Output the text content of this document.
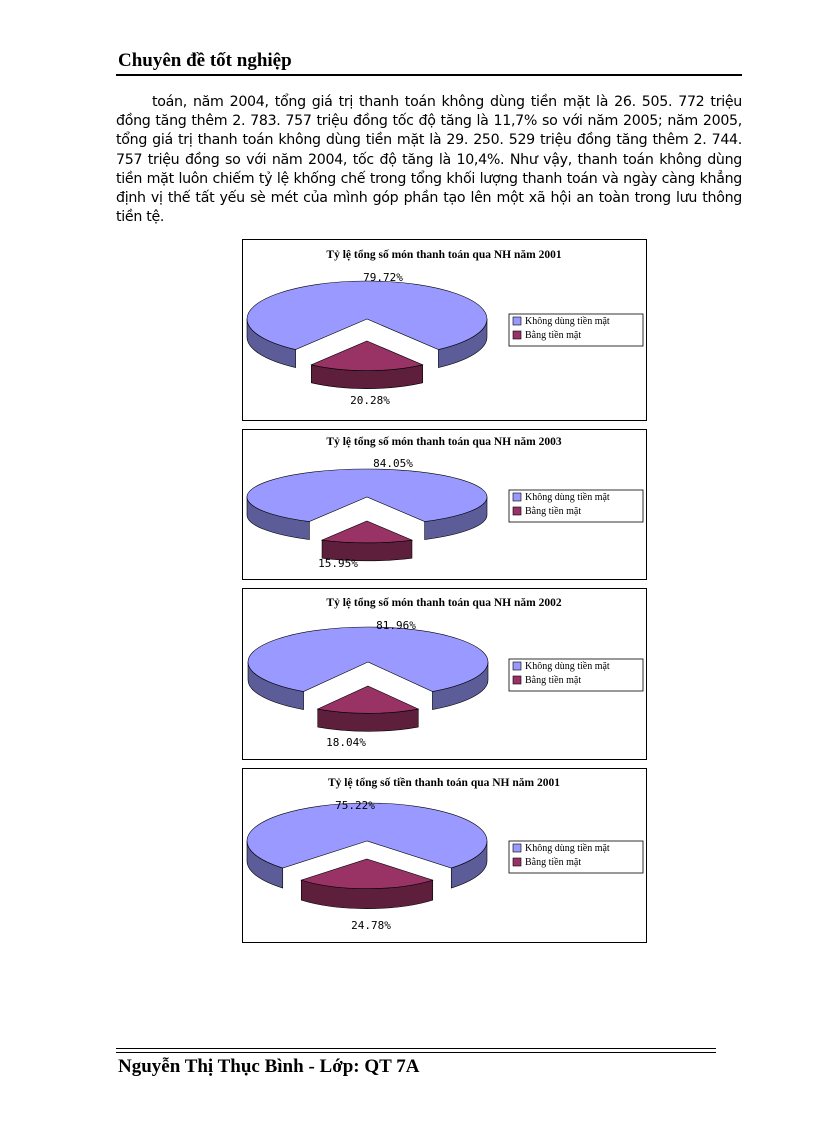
Chuyên đề tốt nghiệp

toán, năm 2004, tổng giá trị thanh toán không dùng tiền mặt là 26. 505. 772 triệu đồng tăng thêm 2. 783. 757 triệu đồng tốc độ tăng là 11,7% so với năm 2005; năm 2005, tổng giá trị thanh toán không dùng tiền mặt là 29. 250. 529 triệu đồng tăng thêm 2. 744. 757 triệu đồng so với năm 2004, tốc độ tăng là 10,4%. Như vậy, thanh toán không dùng tiền mặt luôn chiếm tỷ lệ khống chế trong tổng khối lượng thanh toán và ngày càng khẳng định vị thế tất yếu sè mét của mình góp phần tạo lên một xã hội an toàn trong lưu thông tiền tệ.

Tỷ lệ tổng số món thanh toán qua NH năm 2001
79.72%
20.28%
Không dùng tiền mặt
Bằng tiền mặt
Tỷ lệ tổng số món thanh toán qua NH năm 2003
84.05%
15.95%
Không dùng tiền mặt
Bằng tiền mặt
Tỷ lệ tổng số món thanh toán qua NH năm 2002
81.96%
18.04%
Không dùng tiền mặt
Bằng tiền mặt
Tỷ lệ tổng số tiền thanh toán qua NH năm 2001
75.22%
24.78%
Không dùng tiền mặt
Bằng tiền mặt
Nguyễn Thị Thục Bình - Lớp: QT 7A
